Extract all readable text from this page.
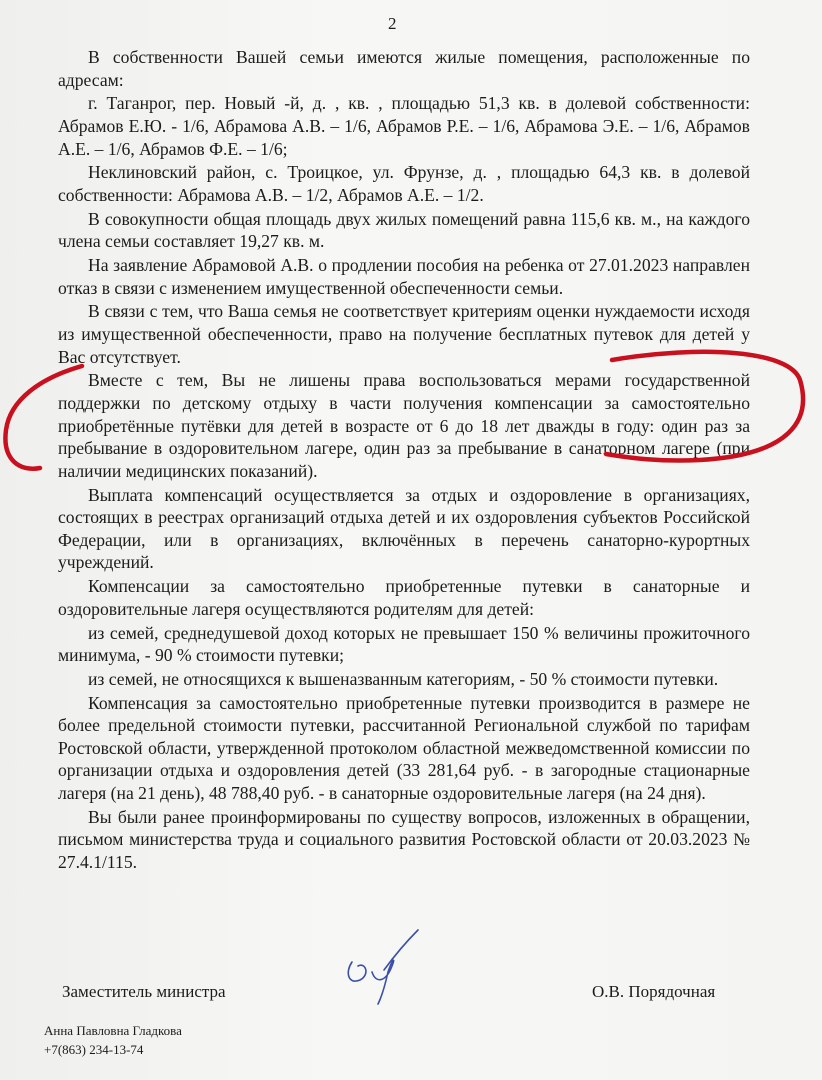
2

В собственности Вашей семьи имеются жилые помещения, расположенные по адресам:

г. Таганрог, пер. Новый -й, д. , кв. , площадью 51,3 кв. в долевой собственности: Абрамов Е.Ю. - 1/6, Абрамова А.В. – 1/6, Абрамов Р.Е. – 1/6, Абрамова Э.Е. – 1/6, Абрамов А.Е. – 1/6, Абрамов Ф.Е. – 1/6;

Неклиновский район, с. Троицкое, ул. Фрунзе, д. , площадью 64,3 кв. в долевой собственности: Абрамова А.В. – 1/2, Абрамов А.Е. – 1/2.

В совокупности общая площадь двух жилых помещений равна 115,6 кв. м., на каждого члена семьи составляет 19,27 кв. м.

На заявление Абрамовой А.В. о продлении пособия на ребенка от 27.01.2023 направлен отказ в связи с изменением имущественной обеспеченности семьи.

В связи с тем, что Ваша семья не соответствует критериям оценки нуждаемости исходя из имущественной обеспеченности, право на получение бесплатных путевок для детей у Вас отсутствует.

Вместе с тем, Вы не лишены права воспользоваться мерами государственной поддержки по детскому отдыху в части получения компенсации за самостоятельно приобретённые путёвки для детей в возрасте от 6 до 18 лет дважды в году: один раз за пребывание в оздоровительном лагере, один раз за пребывание в санаторном лагере (при наличии медицинских показаний).

Выплата компенсаций осуществляется за отдых и оздоровление в организациях, состоящих в реестрах организаций отдыха детей и их оздоровления субъектов Российской Федерации, или в организациях, включённых в перечень санаторно-курортных учреждений.

Компенсации за самостоятельно приобретенные путевки в санаторные и оздоровительные лагеря осуществляются родителям для детей:

из семей, среднедушевой доход которых не превышает 150 % величины прожиточного минимума, - 90 % стоимости путевки;

из семей, не относящихся к вышеназванным категориям, - 50 % стоимости путевки.

Компенсация за самостоятельно приобретенные путевки производится в размере не более предельной стоимости путевки, рассчитанной Региональной службой по тарифам Ростовской области, утвержденной протоколом областной межведомственной комиссии по организации отдыха и оздоровления детей (33 281,64 руб. - в загородные стационарные лагеря (на 21 день), 48 788,40 руб. - в санаторные оздоровительные лагеря (на 24 дня).

Вы были ранее проинформированы по существу вопросов, изложенных в обращении, письмом министерства труда и социального развития Ростовской области от 20.03.2023 № 27.4.1/115.

Заместитель министра	О.В. Порядочная
Анна Павловна Гладкова
+7(863) 234-13-74
